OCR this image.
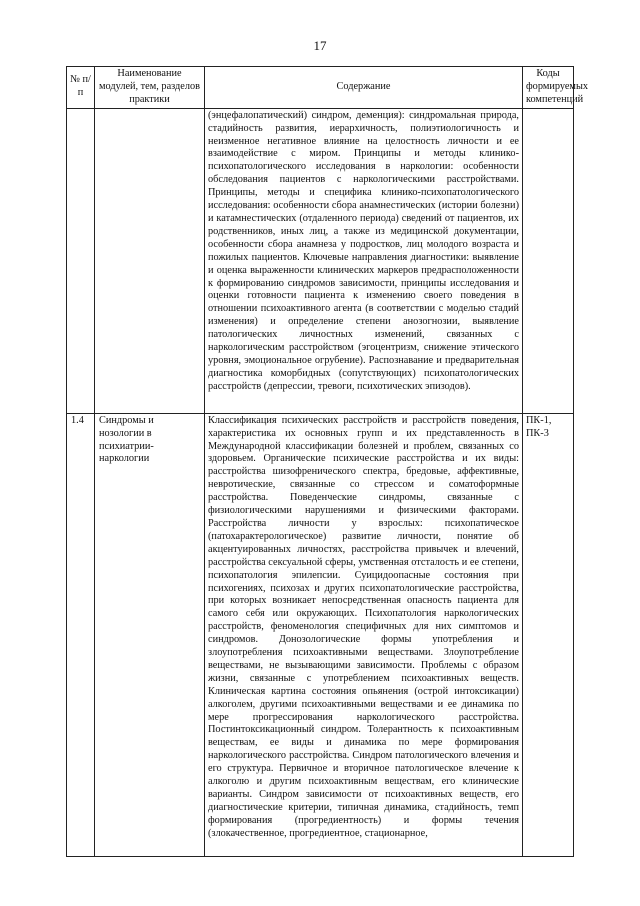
17
№ п/п	Наименование модулей, тем, разделов практики	Содержание	Коды формируемых компетенций
		(энцефалопатический) синдром, деменция): синдромальная природа, стадийность развития, иерархичность, полиэтиологичность и неизменное негативное влияние на целостность личности и ее взаимодействие с миром. Принципы и методы клинико-психопатологического исследования в наркологии: особенности обследования пациентов с наркологическими расстройствами. Принципы, методы и специфика клинико-психопатологического исследования: особенности сбора анамнестических (истории болезни) и катамнестических (отдаленного периода) сведений от пациентов, их родственников, иных лиц, а также из медицинской документации, особенности сбора анамнеза у подростков, лиц молодого возраста и пожилых пациентов. Ключевые направления диагностики: выявление и оценка выраженности клинических маркеров предрасположенности к формированию синдромов зависимости, принципы исследования и оценки готовности пациента к изменению своего поведения в отношении психоактивного агента (в соответствии с моделью стадий изменения) и определение степени анозогнозии, выявление патологических личностных изменений, связанных с наркологическим расстройством (эгоцентризм, снижение этического уровня, эмоциональное огрубение). Распознавание и предварительная диагностика коморбидных (сопутствующих) психопатологических расстройств (депрессии, тревоги, психотических эпизодов).	
1.4	Синдромы и нозологии в психиатрии-наркологии	Классификация психических расстройств и расстройств поведения, характеристика их основных групп и их представленность в Международной классификации болезней и проблем, связанных со здоровьем. Органические психические расстройства и их виды: расстройства шизофренического спектра, бредовые, аффективные, невротические, связанные со стрессом и соматоформные расстройства. Поведенческие синдромы, связанные с физиологическими нарушениями и физическими факторами. Расстройства личности у взрослых: психопатическое (патохарактерологическое) развитие личности, понятие об акцентуированных личностях, расстройства привычек и влечений, расстройства сексуальной сферы, умственная отсталость и ее степени, психопатология эпилепсии. Суицидоопасные состояния при психогениях, психозах и других психопатологические расстройства, при которых возникает непосредственная опасность пациента для самого себя или окружающих. Психопатология наркологических расстройств, феноменология специфичных для них симптомов и синдромов. Донозологические формы употребления и злоупотребления психоактивными веществами. Злоупотребление веществами, не вызывающими зависимости. Проблемы с образом жизни, связанные с употреблением психоактивных веществ. Клиническая картина состояния опьянения (острой интоксикации) алкоголем, другими психоактивными веществами и ее динамика по мере прогрессирования наркологического расстройства. Постинтоксикационный синдром. Толерантность к психоактивным веществам, ее виды и динамика по мере формирования наркологического расстройства. Синдром патологического влечения и его структура. Первичное и вторичное патологическое влечение к алкоголю и другим психоактивным веществам, его клинические варианты. Синдром зависимости от психоактивных веществ, его диагностические критерии, типичная динамика, стадийность, темп формирования (прогредиентность) и формы течения (злокачественное, прогредиентное, стационарное,	ПК-1, ПК-3
